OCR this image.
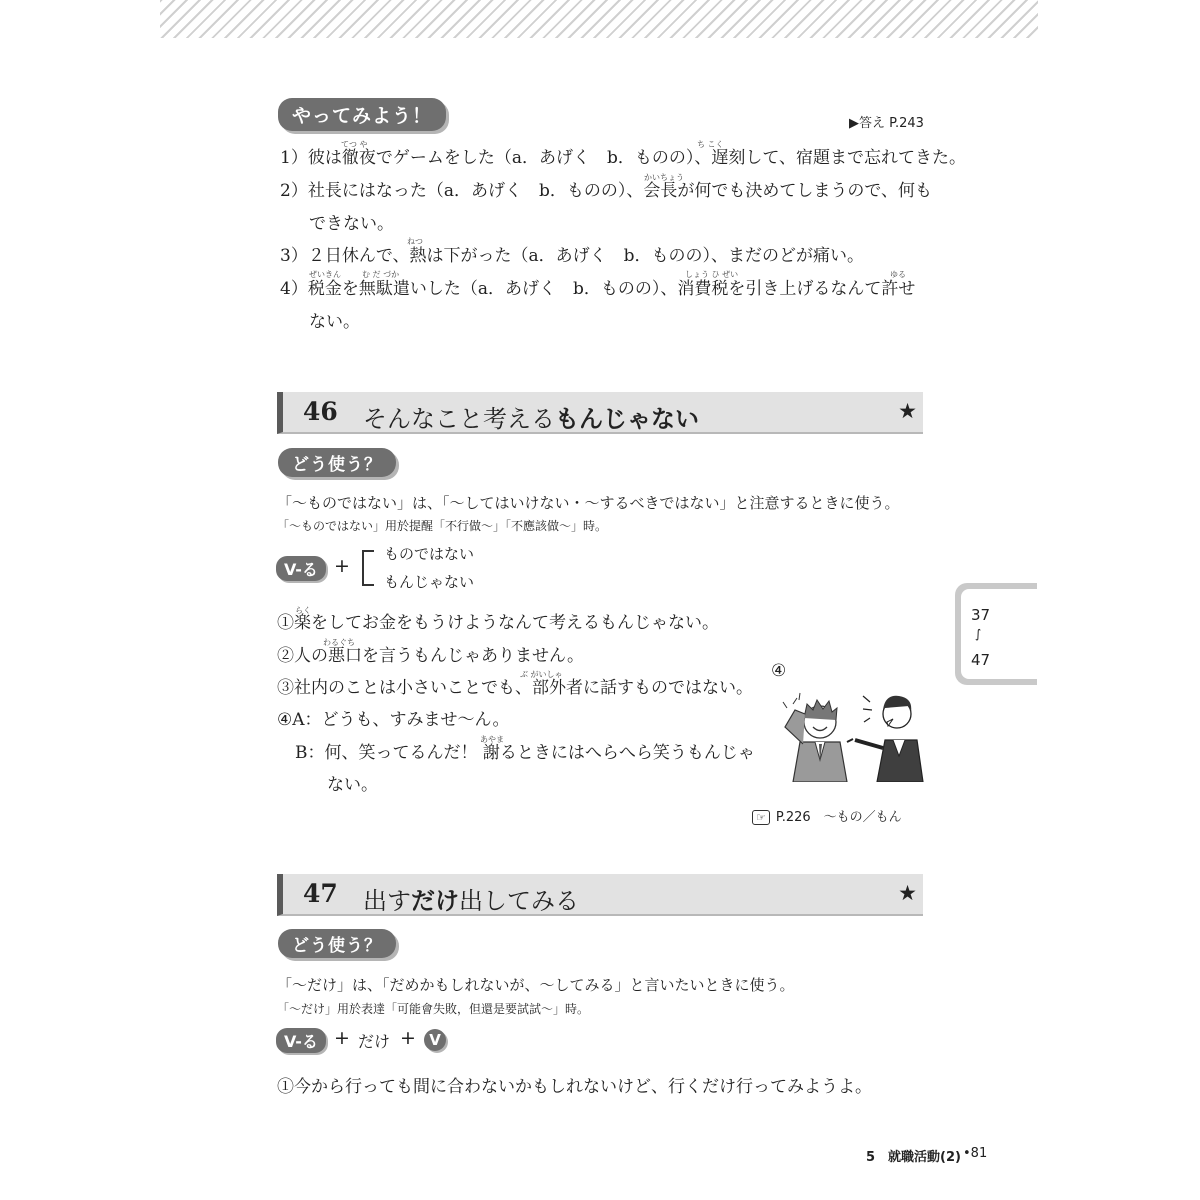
やってみよう！	▶答え P.243
てつ や	ち こく
1）彼は徹夜でゲームをした（a．あげく　b．ものの）、遅刻して、宿題まで忘れてきた。
かいちょう
2）社長にはなった（a．あげく　b．ものの）、会長が何でも決めてしまうので、何も
できない。
ねつ
3）２日休んで、熱は下がった（a．あげく　b．ものの）、まだのどが痛い。
ぜいきん	む だ づか	しょう ひ ぜい	ゆる
4）税金を無駄遣いした（a．あげく　b．ものの）、消費税を引き上げるなんて許せ
ない。
46 そんなこと考えるもんじゃない	★
どう使う？
「〜ものではない」は、「〜してはいけない・〜するべきではない」と注意するときに使う。
「〜ものではない」用於提醒「不行做〜」「不應該做〜」時。
V-る +
ものではない
もんじゃない
らく
①楽をしてお金をもうけようなんて考えるもんじゃない。
わるぐち
②人の悪口を言うもんじゃありません。
ぶ がいしゃ
③社内のことは小さいことでも、部外者に話すものではない。
④A：どうも、すみませ〜ん。
あやま
B：何、笑ってるんだ！ 謝るときにはへらへら笑うもんじゃ
ない。
④
☞ P.226　〜もの／もん
37
∫
47
47 出すだけ出してみる	★
どう使う？
「〜だけ」は、「だめかもしれないが、〜してみる」と言いたいときに使う。
「〜だけ」用於表達「可能會失敗，但還是要試試〜」時。
V-る + だけ + V
①今から行っても間に合わないかもしれないけど、行くだけ行ってみようよ。
5　就職活動(2) •81
